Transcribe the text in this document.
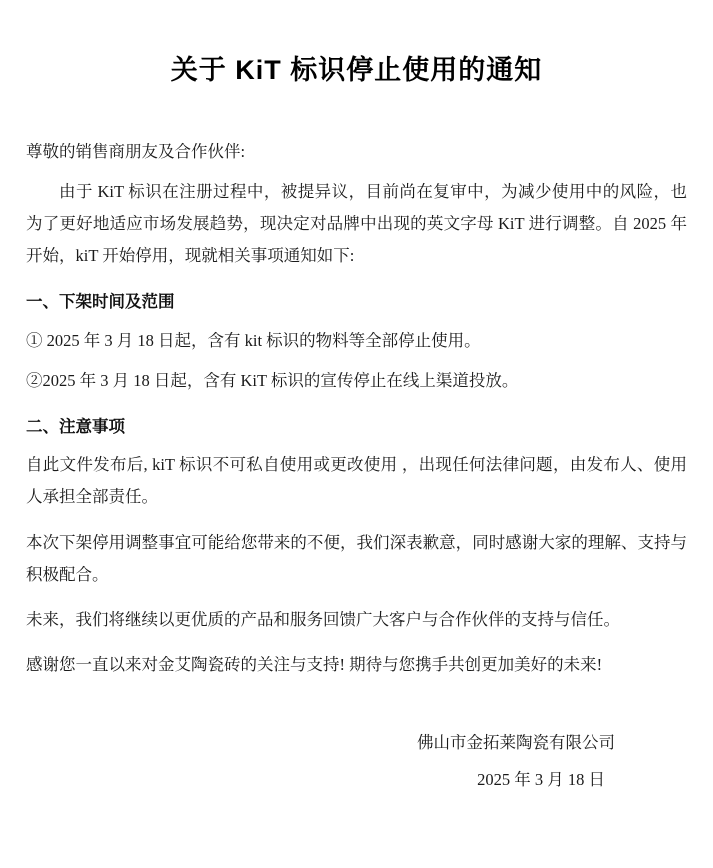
关于 KiT 标识停止使用的通知

尊敬的销售商朋友及合作伙伴:

由于 KiT 标识在注册过程中，被提异议，目前尚在复审中，为减少使用中的风险，也为了更好地适应市场发展趋势，现决定对品牌中出现的英文字母 KiT 进行调整。自 2025 年开始，kiT 开始停用，现就相关事项通知如下:

一、下架时间及范围

① 2025 年 3 月 18 日起，含有 kit 标识的物料等全部停止使用。

②2025 年 3 月 18 日起，含有 KiT 标识的宣传停止在线上渠道投放。

二、注意事项

自此文件发布后, kiT 标识不可私自使用或更改使用 ，出现任何法律问题，由发布人、使用人承担全部责任。

本次下架停用调整事宜可能给您带来的不便，我们深表歉意，同时感谢大家的理解、支持与积极配合。

未来，我们将继续以更优质的产品和服务回馈广大客户与合作伙伴的支持与信任。

感谢您一直以来对金艾陶瓷砖的关注与支持! 期待与您携手共创更加美好的未来!

佛山市金拓莱陶瓷有限公司
2025 年 3 月 18 日
